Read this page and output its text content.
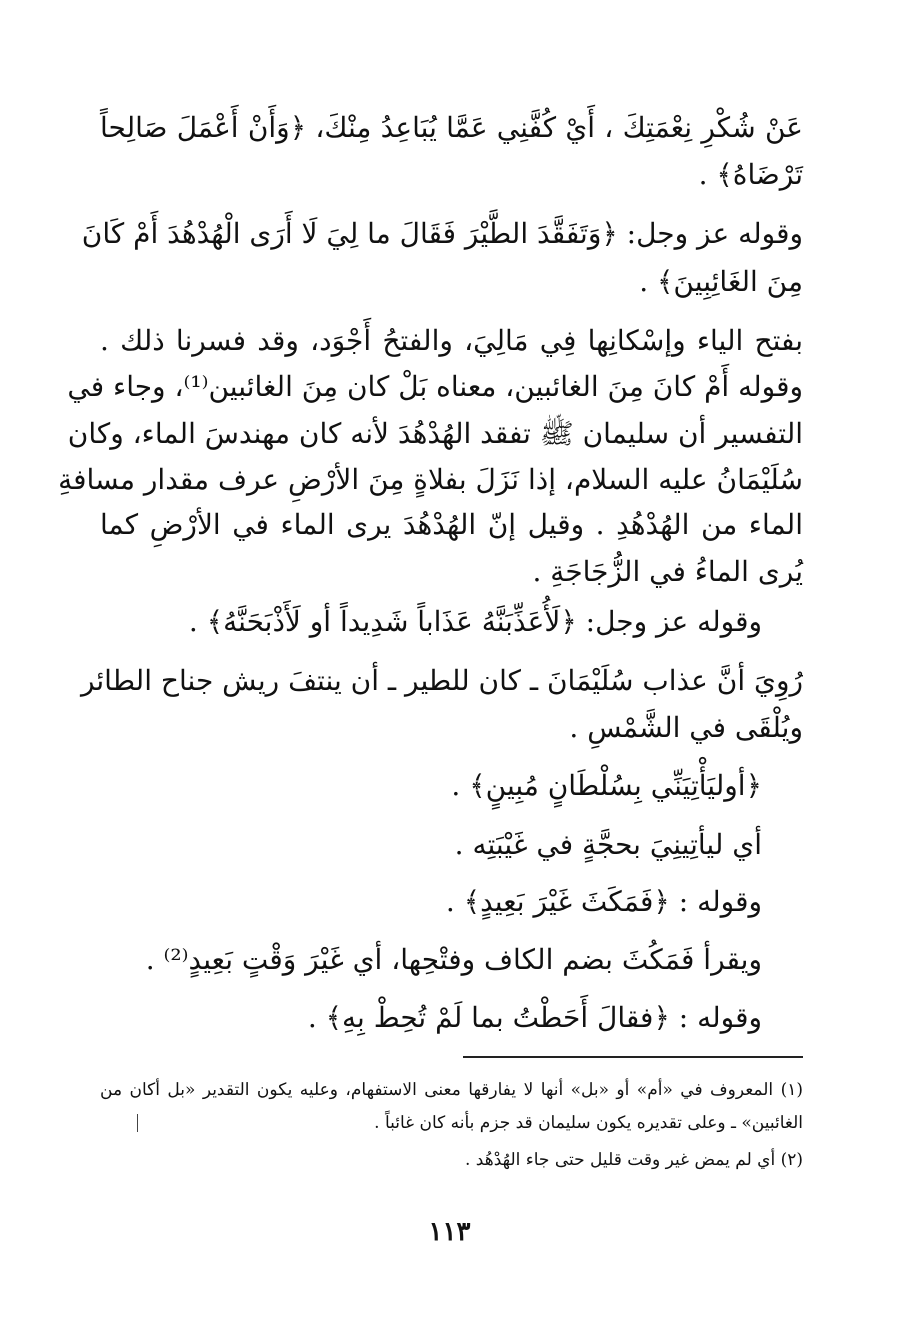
عَنْ شُكْرِ نِعْمَتِكَ ، أَيْ كُفَّنِي عَمَّا يُبَاعِدُ مِنْكَ، ﴿وَأَنْ أَعْمَلَ صَالِحاً
تَرْضَاهُ﴾ .
وقوله عز وجل: ﴿وَتَفَقَّدَ الطَّيْرَ فَقَالَ ما لِيَ لَا أَرَى الْهُدْهُدَ أَمْ كَانَ
مِنَ الغَائِبِينَ﴾ .
بفتح الياء وإسْكانِها فِي مَالِيَ، والفتحُ أَجْوَد، وقد فسرنا ذلك .
وقوله أَمْ كانَ مِنَ الغائبين، معناه بَلْ كان مِنَ الغائبين⁽¹⁾، وجاء في
التفسير أن سليمان ﷺ تفقد الهُدْهُدَ لأنه كان مهندسَ الماء، وكان
سُلَيْمَانُ عليه السلام، إذا نَزَلَ بفلاةٍ مِنَ الأرْضِ عرف مقدار مسافةِ
الماء من الهُدْهُدِ . وقيل إنّ الهُدْهُدَ يرى الماء في الأرْضِ كما
يُرى الماءُ في الزُّجَاجَةِ .
وقوله عز وجل: ﴿لَأُعَذِّبَنَّهُ عَذَاباً شَدِيداً أو لَأَذْبَحَنَّهُ﴾ .
رُوِيَ أنَّ عذاب سُلَيْمَانَ ـ كان للطير ـ أن ينتفَ ريش جناح الطائر
ويُلْقَى في الشَّمْسِ .
﴿أوليَأْتِيَنِّي بِسُلْطَانٍ مُبِينٍ﴾ .
أي ليأتِينِيَ بحجَّةٍ في غَيْبَتِه .
وقوله : ﴿فَمَكَثَ غَيْرَ بَعِيدٍ﴾ .
ويقرأ فَمَكُثَ بضم الكاف وفتْحِها، أي غَيْرَ وَقْتٍ بَعِيدٍ⁽²⁾ .
وقوله : ﴿فقالَ أَحَطْتُ بما لَمْ تُحِطْ بِهِ﴾ .
(١) المعروف في «أم» أو «بل» أنها لا يفارقها معنى الاستفهام، وعليه يكون التقدير «بل أكان من
الغائبين» ـ وعلى تقديره يكون سليمان قد جزم بأنه كان غائباً .
(٢) أي لم يمض غير وقت قليل حتى جاء الهُدْهُد .
١١٣
